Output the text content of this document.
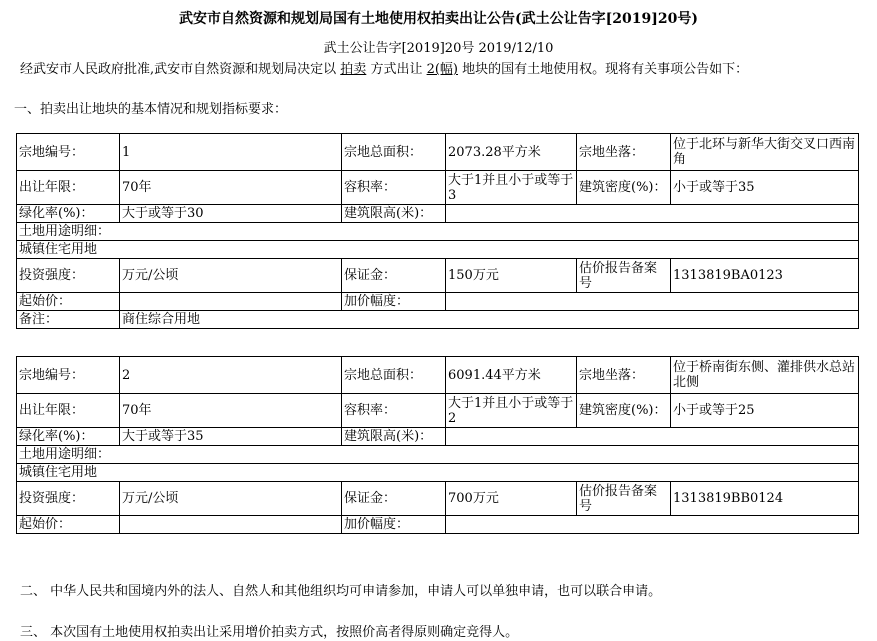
武安市自然资源和规划局国有土地使用权拍卖出让公告(武土公让告字[2019]20号)
武土公让告字[2019]20号 2019/12/10
经武安市人民政府批准,武安市自然资源和规划局决定以 拍卖 方式出让 2(幅) 地块的国有土地使用权。现将有关事项公告如下：
一、拍卖出让地块的基本情况和规划指标要求：
宗地编号：	1	宗地总面积：	2073.28平方米	宗地坐落：	位于北环与新华大街交叉口西南角
出让年限：	70年	容积率：	大于1并且小于或等于3	建筑密度(%)：	小于或等于35
绿化率(%)：	大于或等于30	建筑限高(米)：			
土地用途明细：					
城镇住宅用地					
投资强度：	万元/公顷	保证金：	150万元	估价报告备案号	1313819BA0123
起始价：		加价幅度：			
备注：	商住综合用地				
宗地编号：	2	宗地总面积：	6091.44平方米	宗地坐落：	位于桥南街东侧、灌排供水总站北侧
出让年限：	70年	容积率：	大于1并且小于或等于2	建筑密度(%)：	小于或等于25
绿化率(%)：	大于或等于35	建筑限高(米)：			
土地用途明细：					
城镇住宅用地					
投资强度：	万元/公顷	保证金：	700万元	估价报告备案号	1313819BB0124
起始价：		加价幅度：			
二、 中华人民共和国境内外的法人、自然人和其他组织均可申请参加，申请人可以单独申请，也可以联合申请。
三、 本次国有土地使用权拍卖出让采用增价拍卖方式，按照价高者得原则确定竞得人。
